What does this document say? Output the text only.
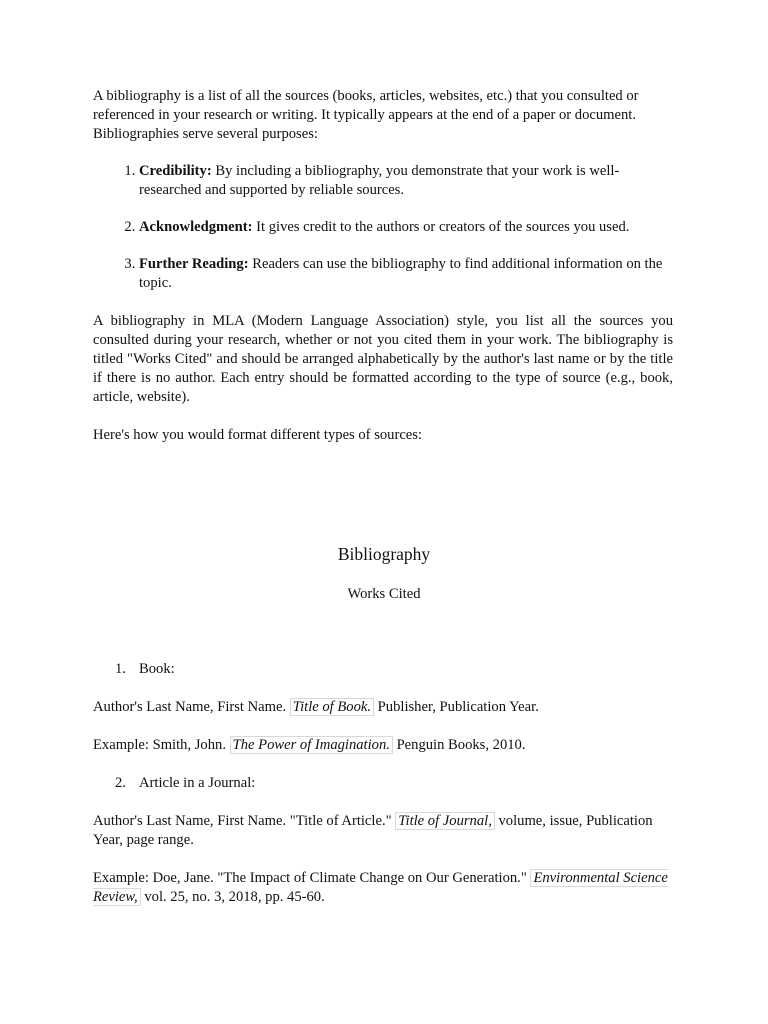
A bibliography is a list of all the sources (books, articles, websites, etc.) that you consulted or referenced in your research or writing. It typically appears at the end of a paper or document. Bibliographies serve several purposes:

1. Credibility: By including a bibliography, you demonstrate that your work is well-researched and supported by reliable sources.
2. Acknowledgment: It gives credit to the authors or creators of the sources you used.
3. Further Reading: Readers can use the bibliography to find additional information on the topic.

A bibliography in MLA (Modern Language Association) style, you list all the sources you consulted during your research, whether or not you cited them in your work. The bibliography is titled "Works Cited" and should be arranged alphabetically by the author's last name or by the title if there is no author. Each entry should be formatted according to the type of source (e.g., book, article, website).

Here's how you would format different types of sources:

Bibliography
Works Cited
1. Book:

Author's Last Name, First Name. Title of Book. Publisher, Publication Year.

Example: Smith, John. The Power of Imagination. Penguin Books, 2010.

2. Article in a Journal:

Author's Last Name, First Name. "Title of Article." Title of Journal, volume, issue, Publication Year, page range.

Example: Doe, Jane. "The Impact of Climate Change on Our Generation." Environmental Science Review, vol. 25, no. 3, 2018, pp. 45-60.
